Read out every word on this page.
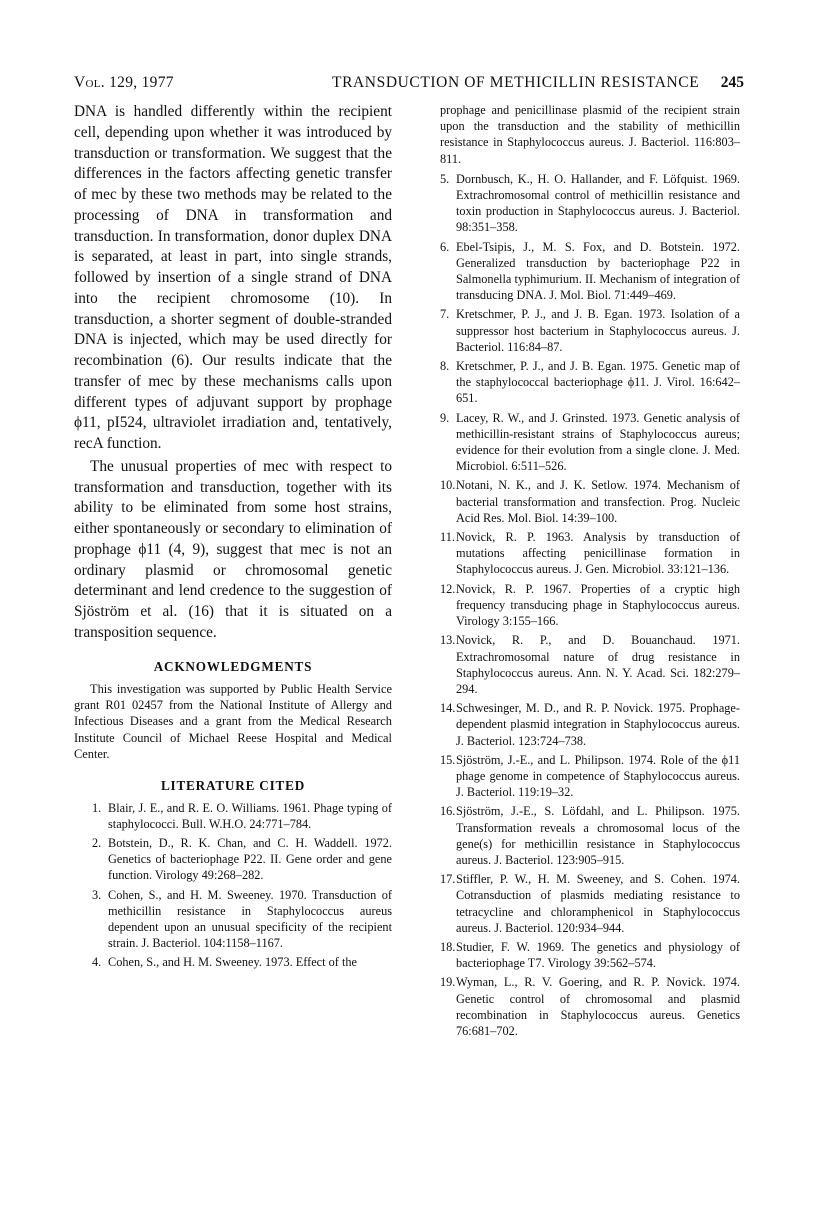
Vol. 129, 1977	TRANSDUCTION OF METHICILLIN RESISTANCE 245

DNA is handled differently within the recipient cell, depending upon whether it was introduced by transduction or transformation. We suggest that the differences in the factors affecting genetic transfer of mec by these two methods may be related to the processing of DNA in transformation and transduction. In transformation, donor duplex DNA is separated, at least in part, into single strands, followed by insertion of a single strand of DNA into the recipient chromosome (10). In transduction, a shorter segment of double-stranded DNA is injected, which may be used directly for recombination (6). Our results indicate that the transfer of mec by these mechanisms calls upon different types of adjuvant support by prophage ϕ11, pI524, ultraviolet irradiation and, tentatively, recA function.

The unusual properties of mec with respect to transformation and transduction, together with its ability to be eliminated from some host strains, either spontaneously or secondary to elimination of prophage ϕ11 (4, 9), suggest that mec is not an ordinary plasmid or chromosomal genetic determinant and lend credence to the suggestion of Sjöström et al. (16) that it is situated on a transposition sequence.

ACKNOWLEDGMENTS

This investigation was supported by Public Health Service grant R01 02457 from the National Institute of Allergy and Infectious Diseases and a grant from the Medical Research Institute Council of Michael Reese Hospital and Medical Center.

LITERATURE CITED
1. Blair, J. E., and R. E. O. Williams. 1961. Phage typing of staphylococci. Bull. W.H.O. 24:771–784.
2. Botstein, D., R. K. Chan, and C. H. Waddell. 1972. Genetics of bacteriophage P22. II. Gene order and gene function. Virology 49:268–282.
3. Cohen, S., and H. M. Sweeney. 1970. Transduction of methicillin resistance in Staphylococcus aureus dependent upon an unusual specificity of the recipient strain. J. Bacteriol. 104:1158–1167.
4. Cohen, S., and H. M. Sweeney. 1973. Effect of the
prophage and penicillinase plasmid of the recipient strain upon the transduction and the stability of methicillin resistance in Staphylococcus aureus. J. Bacteriol. 116:803–811.
5. Dornbusch, K., H. O. Hallander, and F. Löfquist. 1969. Extrachromosomal control of methicillin resistance and toxin production in Staphylococcus aureus. J. Bacteriol. 98:351–358.
6. Ebel-Tsipis, J., M. S. Fox, and D. Botstein. 1972. Generalized transduction by bacteriophage P22 in Salmonella typhimurium. II. Mechanism of integration of transducing DNA. J. Mol. Biol. 71:449–469.
7. Kretschmer, P. J., and J. B. Egan. 1973. Isolation of a suppressor host bacterium in Staphylococcus aureus. J. Bacteriol. 116:84–87.
8. Kretschmer, P. J., and J. B. Egan. 1975. Genetic map of the staphylococcal bacteriophage ϕ11. J. Virol. 16:642–651.
9. Lacey, R. W., and J. Grinsted. 1973. Genetic analysis of methicillin-resistant strains of Staphylococcus aureus; evidence for their evolution from a single clone. J. Med. Microbiol. 6:511–526.
10.Notani, N. K., and J. K. Setlow. 1974. Mechanism of bacterial transformation and transfection. Prog. Nucleic Acid Res. Mol. Biol. 14:39–100.
11.Novick, R. P. 1963. Analysis by transduction of mutations affecting penicillinase formation in Staphylococcus aureus. J. Gen. Microbiol. 33:121–136.
12.Novick, R. P. 1967. Properties of a cryptic high frequency transducing phage in Staphylococcus aureus. Virology 3:155–166.
13.Novick, R. P., and D. Bouanchaud. 1971. Extrachromosomal nature of drug resistance in Staphylococcus aureus. Ann. N. Y. Acad. Sci. 182:279–294.
14.Schwesinger, M. D., and R. P. Novick. 1975. Prophage-dependent plasmid integration in Staphylococcus aureus. J. Bacteriol. 123:724–738.
15.Sjöström, J.-E., and L. Philipson. 1974. Role of the ϕ11 phage genome in competence of Staphylococcus aureus. J. Bacteriol. 119:19–32.
16.Sjöström, J.-E., S. Löfdahl, and L. Philipson. 1975. Transformation reveals a chromosomal locus of the gene(s) for methicillin resistance in Staphylococcus aureus. J. Bacteriol. 123:905–915.
17.Stiffler, P. W., H. M. Sweeney, and S. Cohen. 1974. Cotransduction of plasmids mediating resistance to tetracycline and chloramphenicol in Staphylococcus aureus. J. Bacteriol. 120:934–944.
18.Studier, F. W. 1969. The genetics and physiology of bacteriophage T7. Virology 39:562–574.
19.Wyman, L., R. V. Goering, and R. P. Novick. 1974. Genetic control of chromosomal and plasmid recombination in Staphylococcus aureus. Genetics 76:681–702.
